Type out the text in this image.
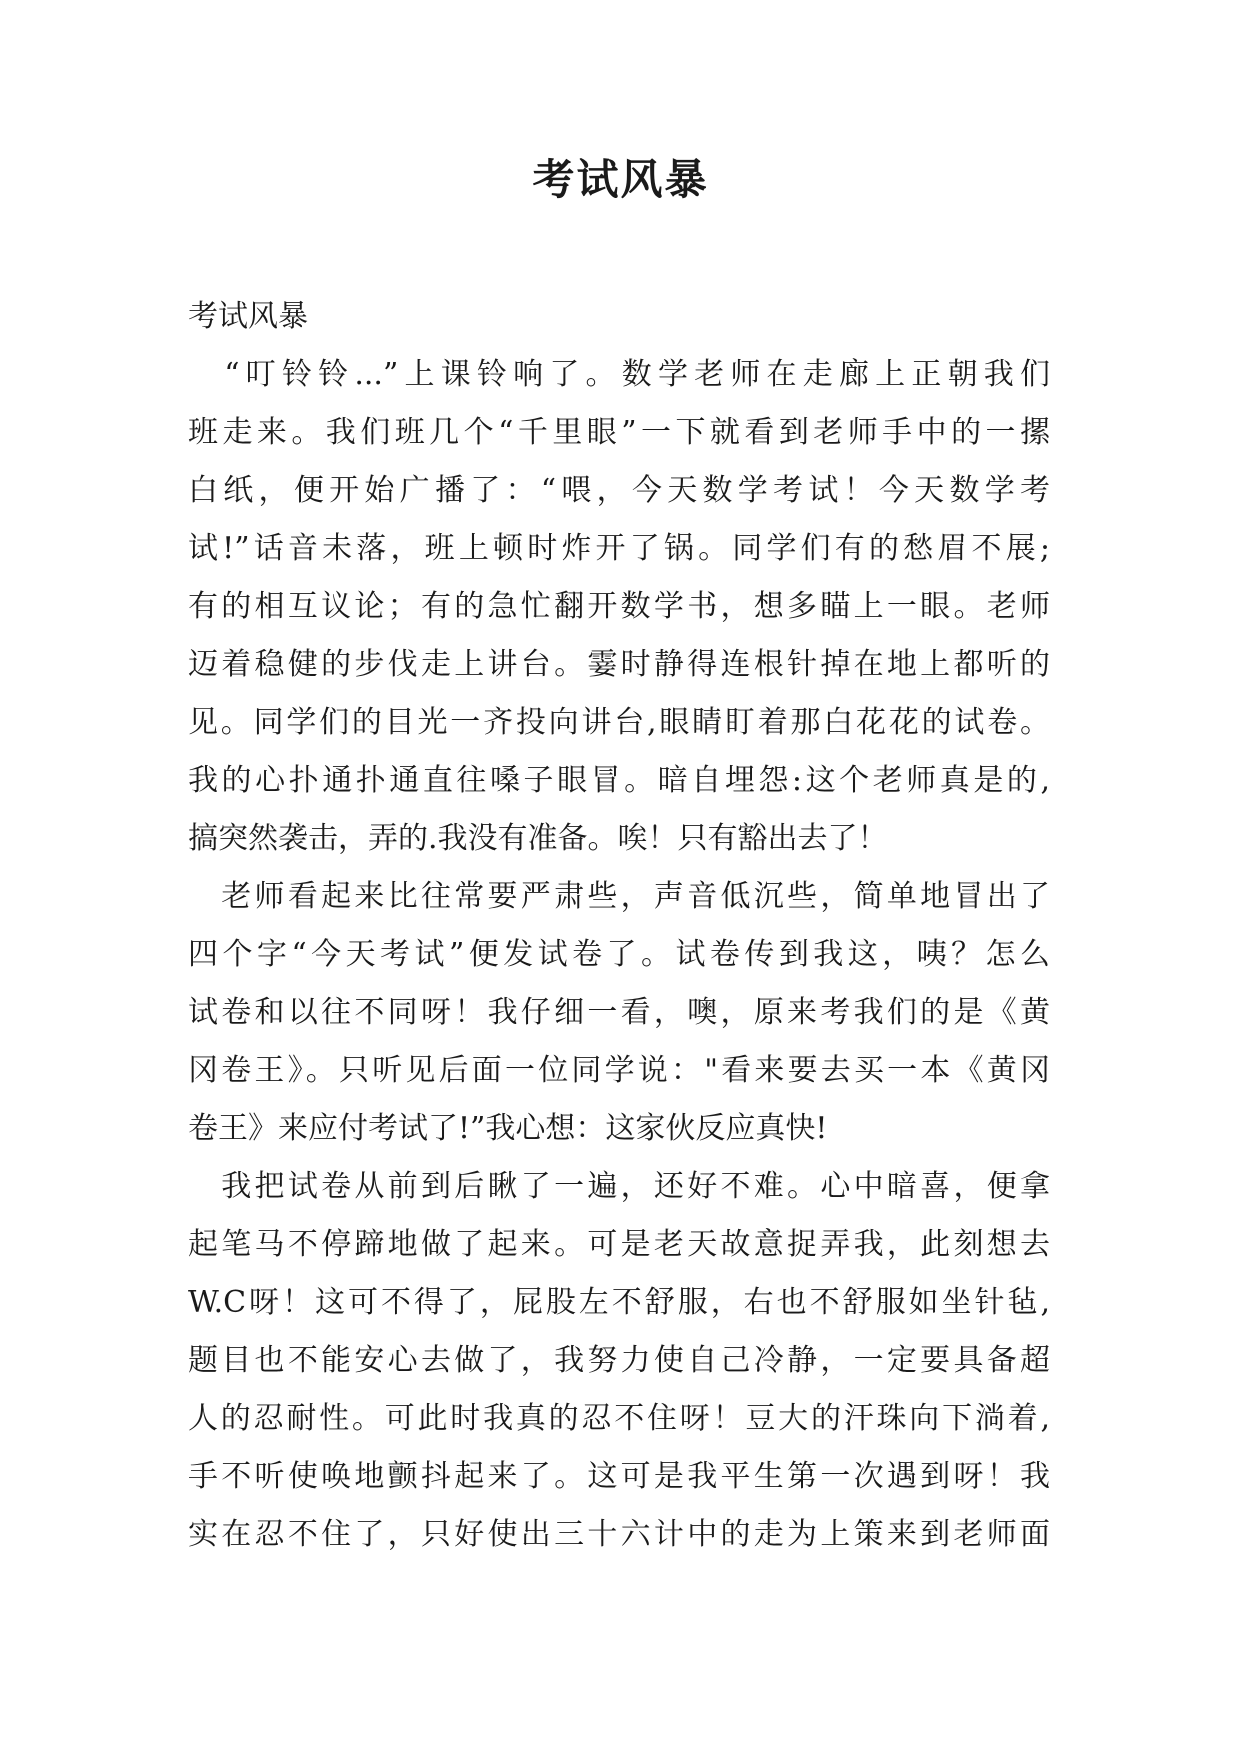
考试风暴
考试风暴
　“叮铃铃...”上课铃响了。数学老师在走廊上正朝我们
班走来。我们班几个“千里眼”一下就看到老师手中的一摞
白纸，便开始广播了：“喂，今天数学考试！今天数学考
试!”话音未落，班上顿时炸开了锅。同学们有的愁眉不展;
有的相互议论；有的急忙翻开数学书，想多瞄上一眼。老师
迈着稳健的步伐走上讲台。霎时静得连根针掉在地上都听的
见。同学们的目光一齐投向讲台,眼睛盯着那白花花的试卷。
我的心扑通扑通直往嗓子眼冒。暗自埋怨:这个老师真是的,
搞突然袭击，弄的.我没有准备。唉！只有豁出去了！
　老师看起来比往常要严肃些，声音低沉些，简单地冒出了
四个字“今天考试”便发试卷了。试卷传到我这，咦？怎么
试卷和以往不同呀！我仔细一看，噢，原来考我们的是《黄
冈卷王》。只听见后面一位同学说："看来要去买一本《黄冈
卷王》来应付考试了!”我心想：这家伙反应真快!
　我把试卷从前到后瞅了一遍，还好不难。心中暗喜，便拿
起笔马不停蹄地做了起来。可是老天故意捉弄我，此刻想去
W.C呀！这可不得了，屁股左不舒服，右也不舒服如坐针毡,
题目也不能安心去做了，我努力使自己冷静，一定要具备超
人的忍耐性。可此时我真的忍不住呀！豆大的汗珠向下淌着,
手不听使唤地颤抖起来了。这可是我平生第一次遇到呀！我
实在忍不住了，只好使出三十六计中的走为上策来到老师面
